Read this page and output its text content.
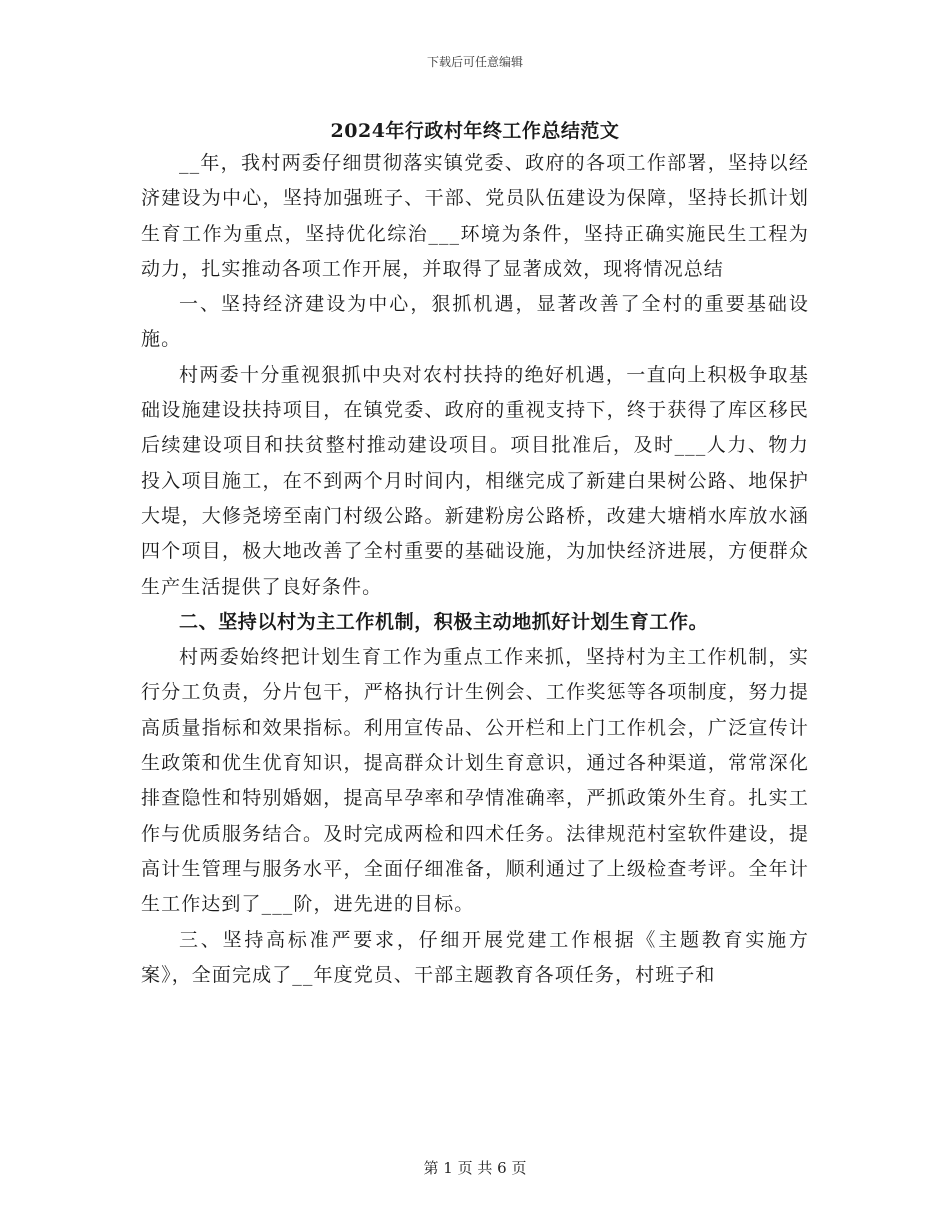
下载后可任意编辑
2024年行政村年终工作总结范文

__年，我村两委仔细贯彻落实镇党委、政府的各项工作部署，坚持以经济建设为中心，坚持加强班子、干部、党员队伍建设为保障，坚持长抓计划生育工作为重点，坚持优化综治___环境为条件，坚持正确实施民生工程为动力，扎实推动各项工作开展，并取得了显著成效，现将情况总结

一、坚持经济建设为中心，狠抓机遇，显著改善了全村的重要基础设施。

村两委十分重视狠抓中央对农村扶持的绝好机遇，一直向上积极争取基础设施建设扶持项目，在镇党委、政府的重视支持下，终于获得了库区移民后续建设项目和扶贫整村推动建设项目。项目批准后，及时___人力、物力投入项目施工，在不到两个月时间内，相继完成了新建白果树公路、地保护大堤，大修尧塝至南门村级公路。新建粉房公路桥，改建大塘梢水库放水涵四个项目，极大地改善了全村重要的基础设施，为加快经济进展，方便群众生产生活提供了良好条件。

二、坚持以村为主工作机制，积极主动地抓好计划生育工作。

村两委始终把计划生育工作为重点工作来抓，坚持村为主工作机制，实行分工负责，分片包干，严格执行计生例会、工作奖惩等各项制度，努力提高质量指标和效果指标。利用宣传品、公开栏和上门工作机会，广泛宣传计生政策和优生优育知识，提高群众计划生育意识，通过各种渠道，常常深化排查隐性和特别婚姻，提高早孕率和孕情准确率，严抓政策外生育。扎实工作与优质服务结合。及时完成两检和四术任务。法律规范村室软件建设，提高计生管理与服务水平，全面仔细准备，顺利通过了上级检查考评。全年计生工作达到了___阶，进先进的目标。

三、坚持高标准严要求，仔细开展党建工作根据《主题教育实施方案》，全面完成了__年度党员、干部主题教育各项任务，村班子和

第 1 页 共 6 页
